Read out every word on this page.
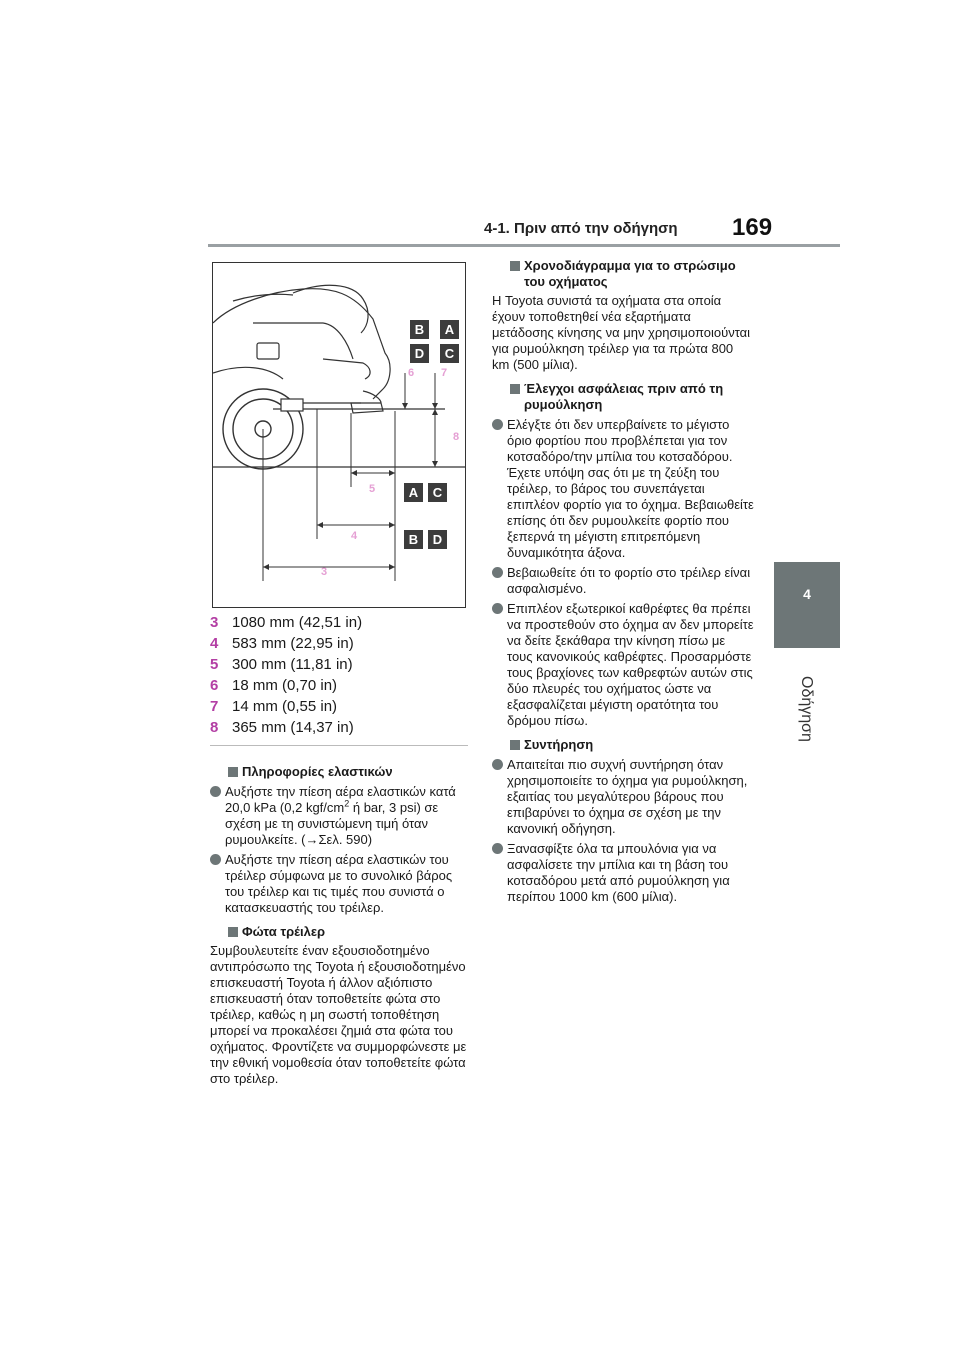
4-1. Πριν από την οδήγηση 169
4
Οδήγηση
B	A
D	C
A	C
B	D
6 7
8
5
4
3
3 1080 mm (42,51 in)
4 583 mm (22,95 in)
5 300 mm (11,81 in)
6 18 mm (0,70 in)
7 14 mm (0,55 in)
8 365 mm (14,37 in)
Πληροφορίες ελαστικών
Αυξήστε την πίεση αέρα ελαστικών κατά 20,0 kPa (0,2 kgf/$cm^2$ ή bar, 3 psi) σε σχέση με τη συνιστώμενη τιμή όταν ρυμουλκείτε. (→Σελ. 590)
Αυξήστε την πίεση αέρα ελαστικών του τρέιλερ σύμφωνα με το συνολικό βάρος του τρέιλερ και τις τιμές που συνιστά ο κατασκευαστής του τρέιλερ.
Φώτα τρέιλερ
Συμβουλευτείτε έναν εξουσιοδοτημένο αντιπρόσωπο της Toyota ή εξουσιοδοτημένο επισκευαστή Toyota ή άλλον αξιόπιστο επισκευαστή όταν τοποθετείτε φώτα στο τρέιλερ, καθώς η μη σωστή τοποθέτηση μπορεί να προκαλέσει ζημιά στα φώτα του οχήματος. Φροντίζετε να συμμορφώνεστε με την εθνική νομοθεσία όταν τοποθετείτε φώτα στο τρέιλερ.
Χρονοδιάγραμμα για το στρώσιμο του οχήματος
Η Toyota συνιστά τα οχήματα στα οποία έχουν τοποθετηθεί νέα εξαρτήματα μετάδοσης κίνησης να μην χρησιμοποιούνται για ρυμούλκηση τρέιλερ για τα πρώτα 800 km (500 μίλια).
Έλεγχοι ασφάλειας πριν από τη ρυμούλκηση
Ελέγξτε ότι δεν υπερβαίνετε το μέγιστο όριο φορτίου που προβλέπεται για τον κοτσαδόρο/την μπίλια του κοτσαδόρου. Έχετε υπόψη σας ότι με τη ζεύξη του τρέιλερ, το βάρος του συνεπάγεται επιπλέον φορτίο για το όχημα. Βεβαιωθείτε επίσης ότι δεν ρυμουλκείτε φορτίο που ξεπερνά τη μέγιστη επιτρεπόμενη δυναμικότητα άξονα.
Βεβαιωθείτε ότι το φορτίο στο τρέιλερ είναι ασφαλισμένο.
Επιπλέον εξωτερικοί καθρέφτες θα πρέπει να προστεθούν στο όχημα αν δεν μπορείτε να δείτε ξεκάθαρα την κίνηση πίσω με τους κανονικούς καθρέφτες. Προσαρμόστε τους βραχίονες των καθρεφτών αυτών στις δύο πλευρές του οχήματος ώστε να εξασφαλίζεται μέγιστη ορατότητα του δρόμου πίσω.
Συντήρηση
Απαιτείται πιο συχνή συντήρηση όταν χρησιμοποιείτε το όχημα για ρυμούλκηση, εξαιτίας του μεγαλύτερου βάρους που επιβαρύνει το όχημα σε σχέση με την κανονική οδήγηση.
Ξανασφίξτε όλα τα μπουλόνια για να ασφαλίσετε την μπίλια και τη βάση του κοτσαδόρου μετά από ρυμούλκηση για περίπου 1000 km (600 μίλια).
